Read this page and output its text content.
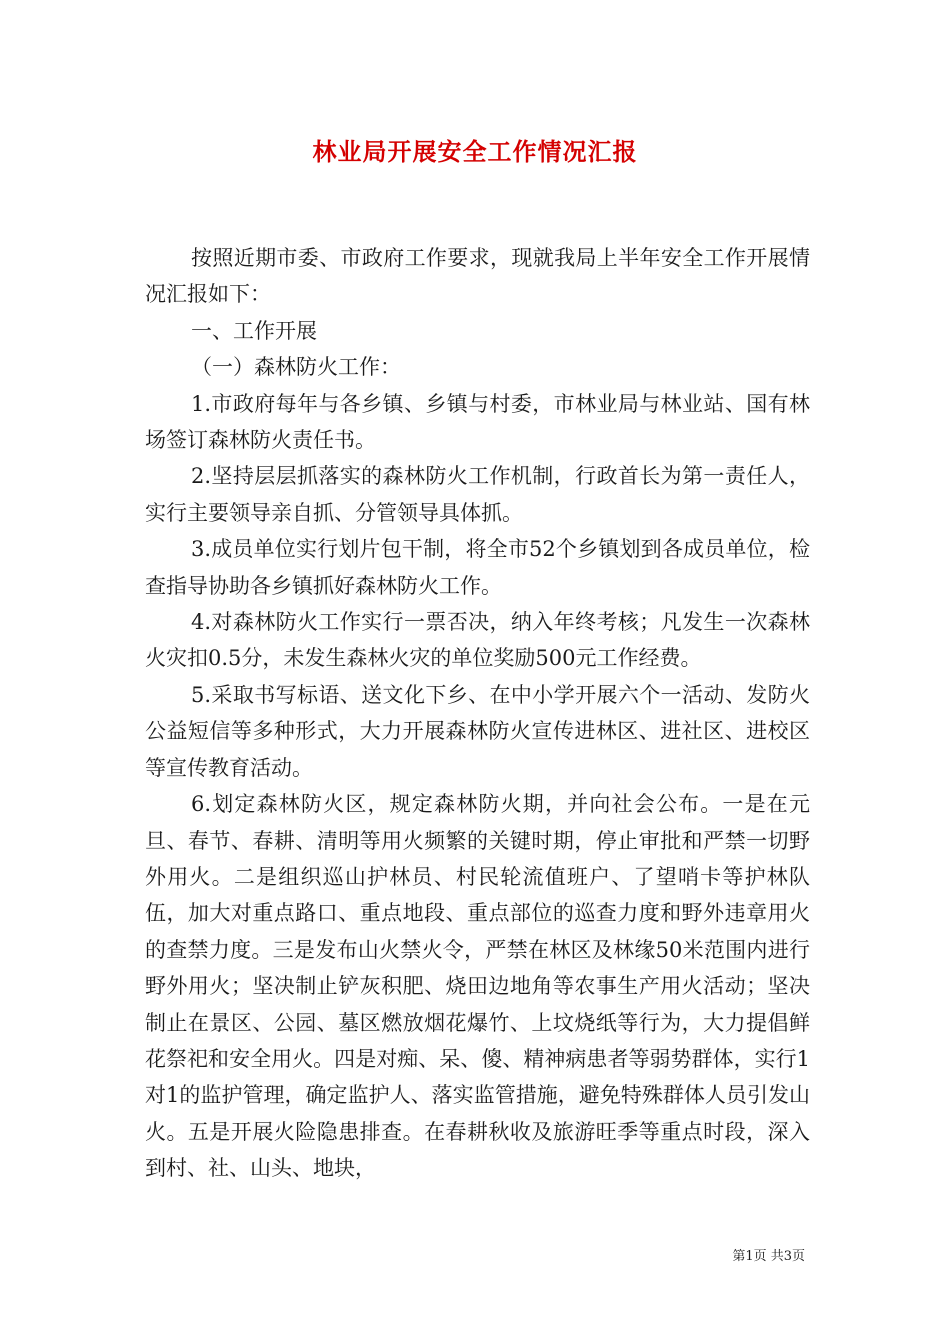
林业局开展安全工作情况汇报

按照近期市委、市政府工作要求，现就我局上半年安全工作开展情况汇报如下：

一、工作开展

（一）森林防火工作：

1.市政府每年与各乡镇、乡镇与村委，市林业局与林业站、国有林场签订森林防火责任书。

2.坚持层层抓落实的森林防火工作机制，行政首长为第一责任人，实行主要领导亲自抓、分管领导具体抓。

3.成员单位实行划片包干制，将全市52个乡镇划到各成员单位，检查指导协助各乡镇抓好森林防火工作。

4.对森林防火工作实行一票否决，纳入年终考核；凡发生一次森林火灾扣0.5分，未发生森林火灾的单位奖励500元工作经费。

5.采取书写标语、送文化下乡、在中小学开展六个一活动、发防火公益短信等多种形式，大力开展森林防火宣传进林区、进社区、进校区等宣传教育活动。

6.划定森林防火区，规定森林防火期，并向社会公布。一是在元旦、春节、春耕、清明等用火频繁的关键时期，停止审批和严禁一切野外用火。二是组织巡山护林员、村民轮流值班户、了望哨卡等护林队伍，加大对重点路口、重点地段、重点部位的巡查力度和野外违章用火的查禁力度。三是发布山火禁火令，严禁在林区及林缘50米范围内进行野外用火；坚决制止铲灰积肥、烧田边地角等农事生产用火活动；坚决制止在景区、公园、墓区燃放烟花爆竹、上坟烧纸等行为，大力提倡鲜花祭祀和安全用火。四是对痴、呆、傻、精神病患者等弱势群体，实行1对1的监护管理，确定监护人、落实监管措施，避免特殊群体人员引发山火。五是开展火险隐患排查。在春耕秋收及旅游旺季等重点时段，深入到村、社、山头、地块，

第1页 共3页
